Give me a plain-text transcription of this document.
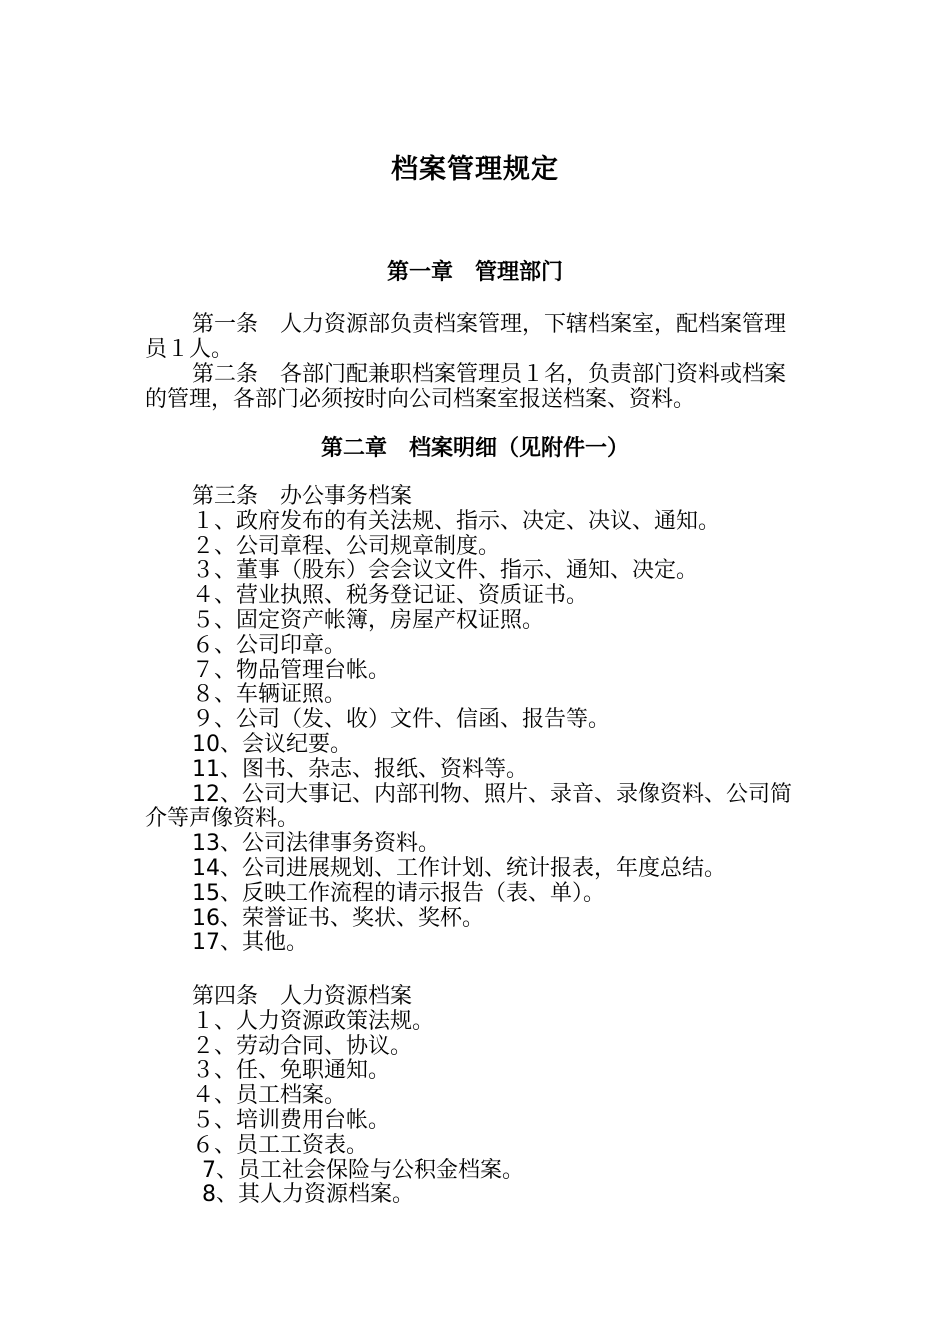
档案管理规定
第一章　管理部门

第一条　人力资源部负责档案管理，下辖档案室，配档案管理员１人。

第二条　各部门配兼职档案管理员１名，负责部门资料或档案的管理，各部门必须按时向公司档案室报送档案、资料。

第二章　档案明细（见附件一）
第三条　办公事务档案
１、政府发布的有关法规、指示、决定、决议、通知。
２、公司章程、公司规章制度。
３、董事（股东）会会议文件、指示、通知、决定。
４、营业执照、税务登记证、资质证书。
５、固定资产帐簿，房屋产权证照。
６、公司印章。
７、物品管理台帐。
８、车辆证照。
９、公司（发、收）文件、信函、报告等。
10、会议纪要。
11、图书、杂志、报纸、资料等。
12、公司大事记、内部刊物、照片、录音、录像资料、公司简介等声像资料。
13、公司法律事务资料。
14、公司进展规划、工作计划、统计报表，年度总结。
15、反映工作流程的请示报告（表、单）。
16、荣誉证书、奖状、奖杯。
17、其他。
第四条　人力资源档案
１、人力资源政策法规。
２、劳动合同、协议。
３、任、免职通知。
４、员工档案。
５、培训费用台帐。
６、员工工资表。
7、员工社会保险与公积金档案。
8、其人力资源档案。
